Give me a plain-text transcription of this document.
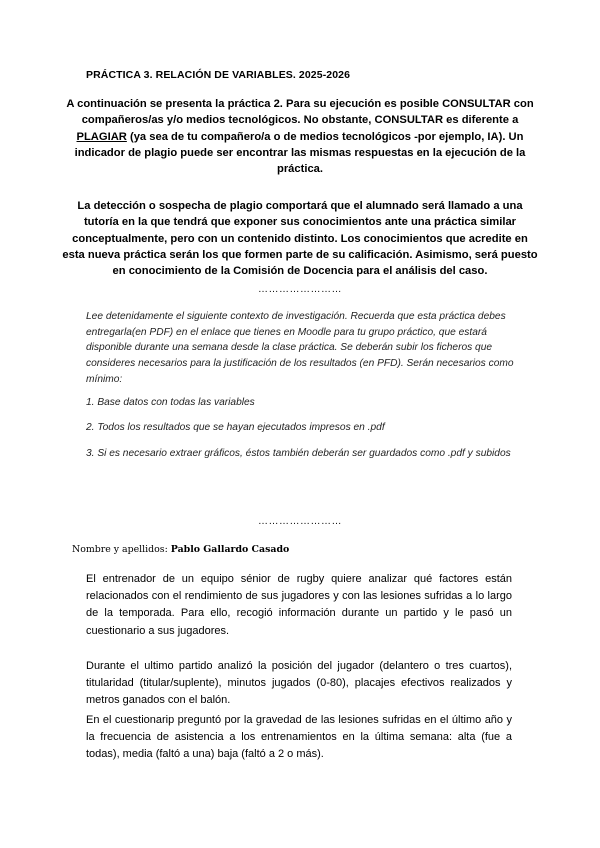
PRÁCTICA 3. RELACIÓN DE VARIABLES. 2025-2026
A continuación se presenta la práctica 2. Para su ejecución es posible CONSULTAR con compañeros/as y/o medios tecnológicos. No obstante, CONSULTAR es diferente a PLAGIAR (ya sea de tu compañero/a o de medios tecnológicos -por ejemplo, IA). Un indicador de plagio puede ser encontrar las mismas respuestas en la ejecución de la práctica.
La detección o sospecha de plagio comportará que el alumnado será llamado a una tutoría en la que tendrá que exponer sus conocimientos ante una práctica similar conceptualmente, pero con un contenido distinto. Los conocimientos que acredite en esta nueva práctica serán los que formen parte de su calificación. Asimismo, será puesto en conocimiento de la Comisión de Docencia para el análisis del caso.
……………………
Lee detenidamente el siguiente contexto de investigación. Recuerda que esta práctica debes entregarla(en PDF) en el enlace que tienes en Moodle para tu grupo práctico, que estará disponible durante una semana desde la clase práctica. Se deberán subir los ficheros que consideres necesarios para la justificación de los resultados (en PFD). Serán necesarios como mínimo:
1. Base datos con todas las variables
2. Todos los resultados que se hayan ejecutados impresos en .pdf
3. Si es necesario extraer gráficos, éstos también deberán ser guardados como .pdf y subidos
……………………
Nombre y apellidos: Pablo Gallardo Casado
El entrenador de un equipo sénior de rugby quiere analizar qué factores están relacionados con el rendimiento de sus jugadores y con las lesiones sufridas a lo largo de la temporada. Para ello, recogió información durante un partido y le pasó un cuestionario a sus jugadores.
Durante el ultimo partido analizó la posición del jugador (delantero o tres cuartos), titularidad (titular/suplente), minutos jugados (0-80), placajes efectivos realizados y metros ganados con el balón.
En el cuestionarip preguntó por la gravedad de las lesiones sufridas en el último año y la frecuencia de asistencia a los entrenamientos en la última semana: alta (fue a todas), media (faltó a una) baja (faltó a 2 o más).
